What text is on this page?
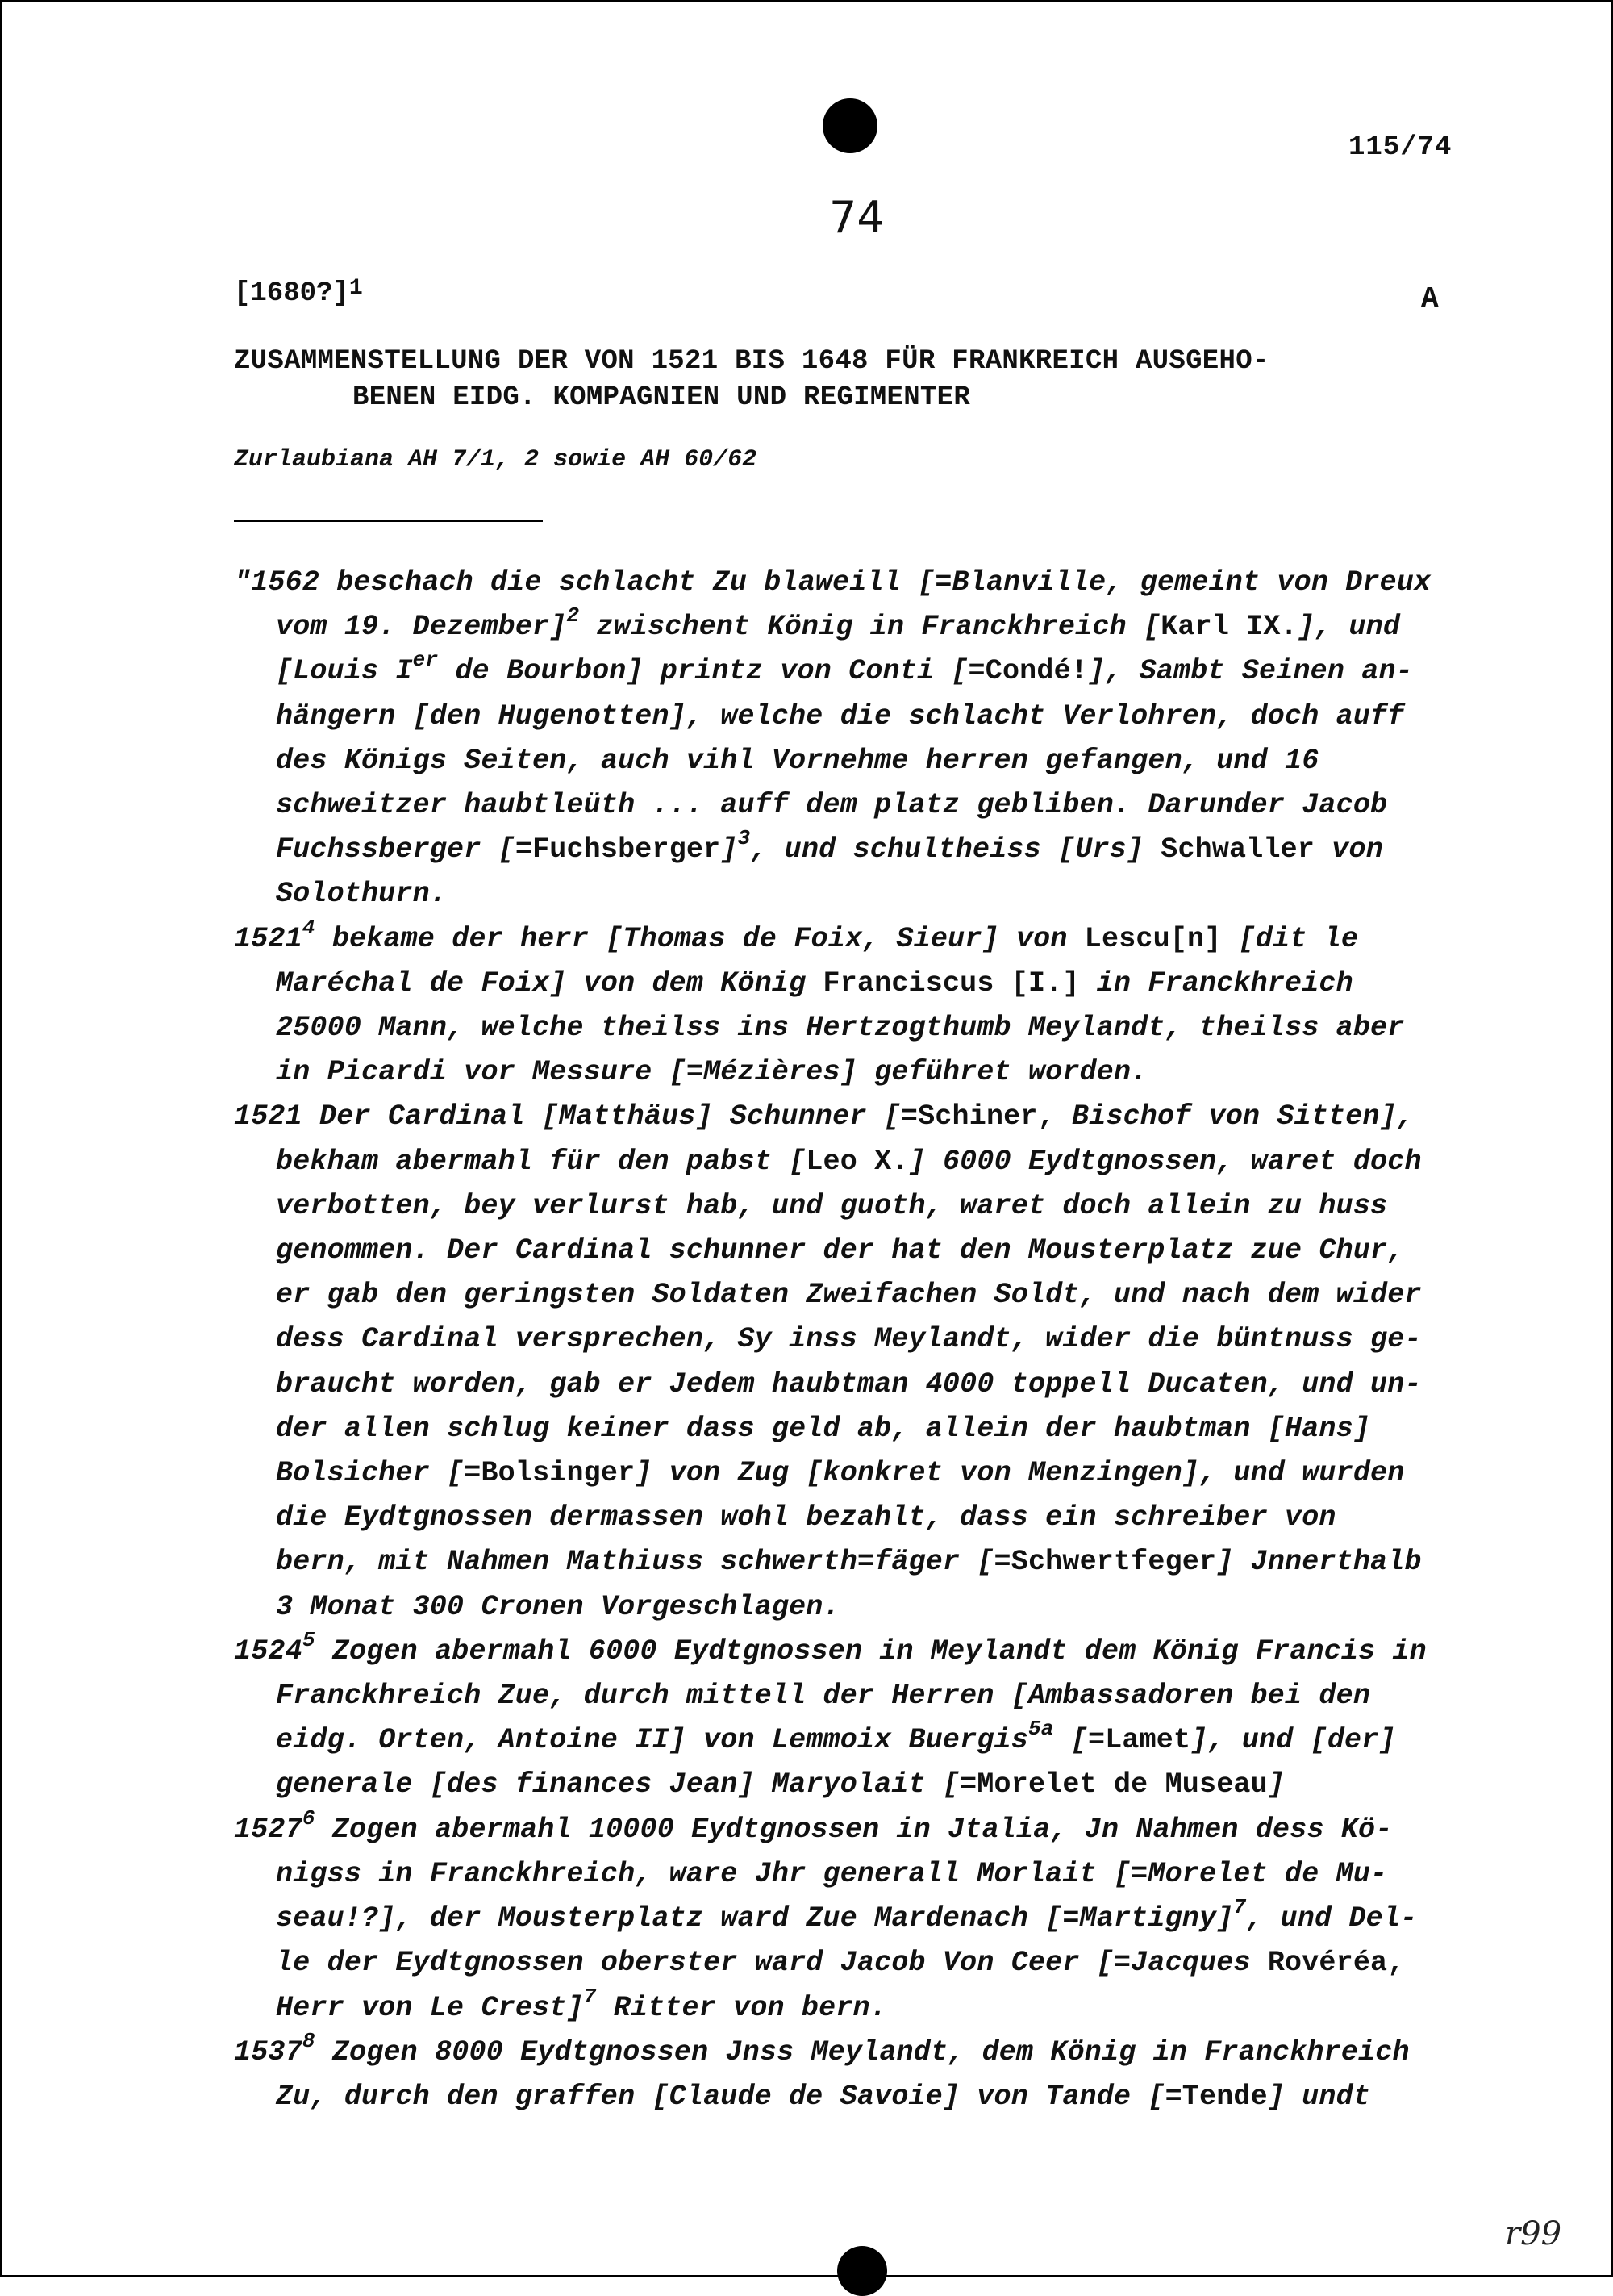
115/74
74
[1680?]$^1$	A
ZUSAMMENSTELLUNG DER VON 1521 BIS 1648 FÜR FRANKREICH AUSGEHO-
BENEN EIDG. KOMPAGNIEN UND REGIMENTER
Zurlaubiana AH 7/1, 2 sowie AH 60/62
"1562 beschach die schlacht Zu blaweill [=Blanville, gemeint von Dreux
vom 19. Dezember]$^2$ zwischent König in Franckhreich [Karl IX.], und
[Louis Ier de Bourbon] printz von Conti [=Condé!], Sambt Seinen an-
hängern [den Hugenotten], welche die schlacht Verlohren, doch auff
des Königs Seiten, auch vihl Vornehme herren gefangen, und 16
schweitzer haubtleüth ... auff dem platz gebliben. Darunder Jacob
Fuchssberger [=Fuchsberger]$^3$, und schultheiss [Urs] Schwaller von
Solothurn.
1521$^4$ bekame der herr [Thomas de Foix, Sieur] von Lescu[n] [dit le
Maréchal de Foix] von dem König Franciscus [I.] in Franckhreich
25000 Mann, welche theilss ins Hertzogthumb Meylandt, theilss aber
in Picardi vor Messure [=Mézières] geführet worden.
1521 Der Cardinal [Matthäus] Schunner [=Schiner, Bischof von Sitten],
bekham abermahl für den pabst [Leo X.] 6000 Eydtgnossen, waret doch
verbotten, bey verlurst hab, und guoth, waret doch allein zu huss
genommen. Der Cardinal schunner der hat den Mousterplatz zue Chur,
er gab den geringsten Soldaten Zweifachen Soldt, und nach dem wider
dess Cardinal versprechen, Sy inss Meylandt, wider die büntnuss ge-
braucht worden, gab er Jedem haubtman 4000 toppell Ducaten, und un-
der allen schlug keiner dass geld ab, allein der haubtman [Hans]
Bolsicher [=Bolsinger] von Zug [konkret von Menzingen], und wurden
die Eydtgnossen dermassen wohl bezahlt, dass ein schreiber von
bern, mit Nahmen Mathiuss schwerth=fäger [=Schwertfeger] Jnnerthalb
3 Monat 300 Cronen Vorgeschlagen.
1524$^5$ Zogen abermahl 6000 Eydtgnossen in Meylandt dem König Francis in
Franckhreich Zue, durch mittell der Herren [Ambassadoren bei den
eidg. Orten, Antoine II] von Lemmoix Buergis$^{5a}$ [=Lamet], und [der]
generale [des finances Jean] Maryolait [=Morelet de Museau]
1527$^6$ Zogen abermahl 10000 Eydtgnossen in Jtalia, Jn Nahmen dess Kö-
nigss in Franckhreich, ware Jhr generall Morlait [=Morelet de Mu-
seau!?], der Mousterplatz ward Zue Mardenach [=Martigny]$^7$, und Del-
le der Eydtgnossen oberster ward Jacob Von Ceer [=Jacques Rovéréa,
Herr von Le Crest]$^7$ Ritter von bern.
1537$^8$ Zogen 8000 Eydtgnossen Jnss Meylandt, dem König in Franckhreich
Zu, durch den graffen [Claude de Savoie] von Tande [=Tende] undt
r99
